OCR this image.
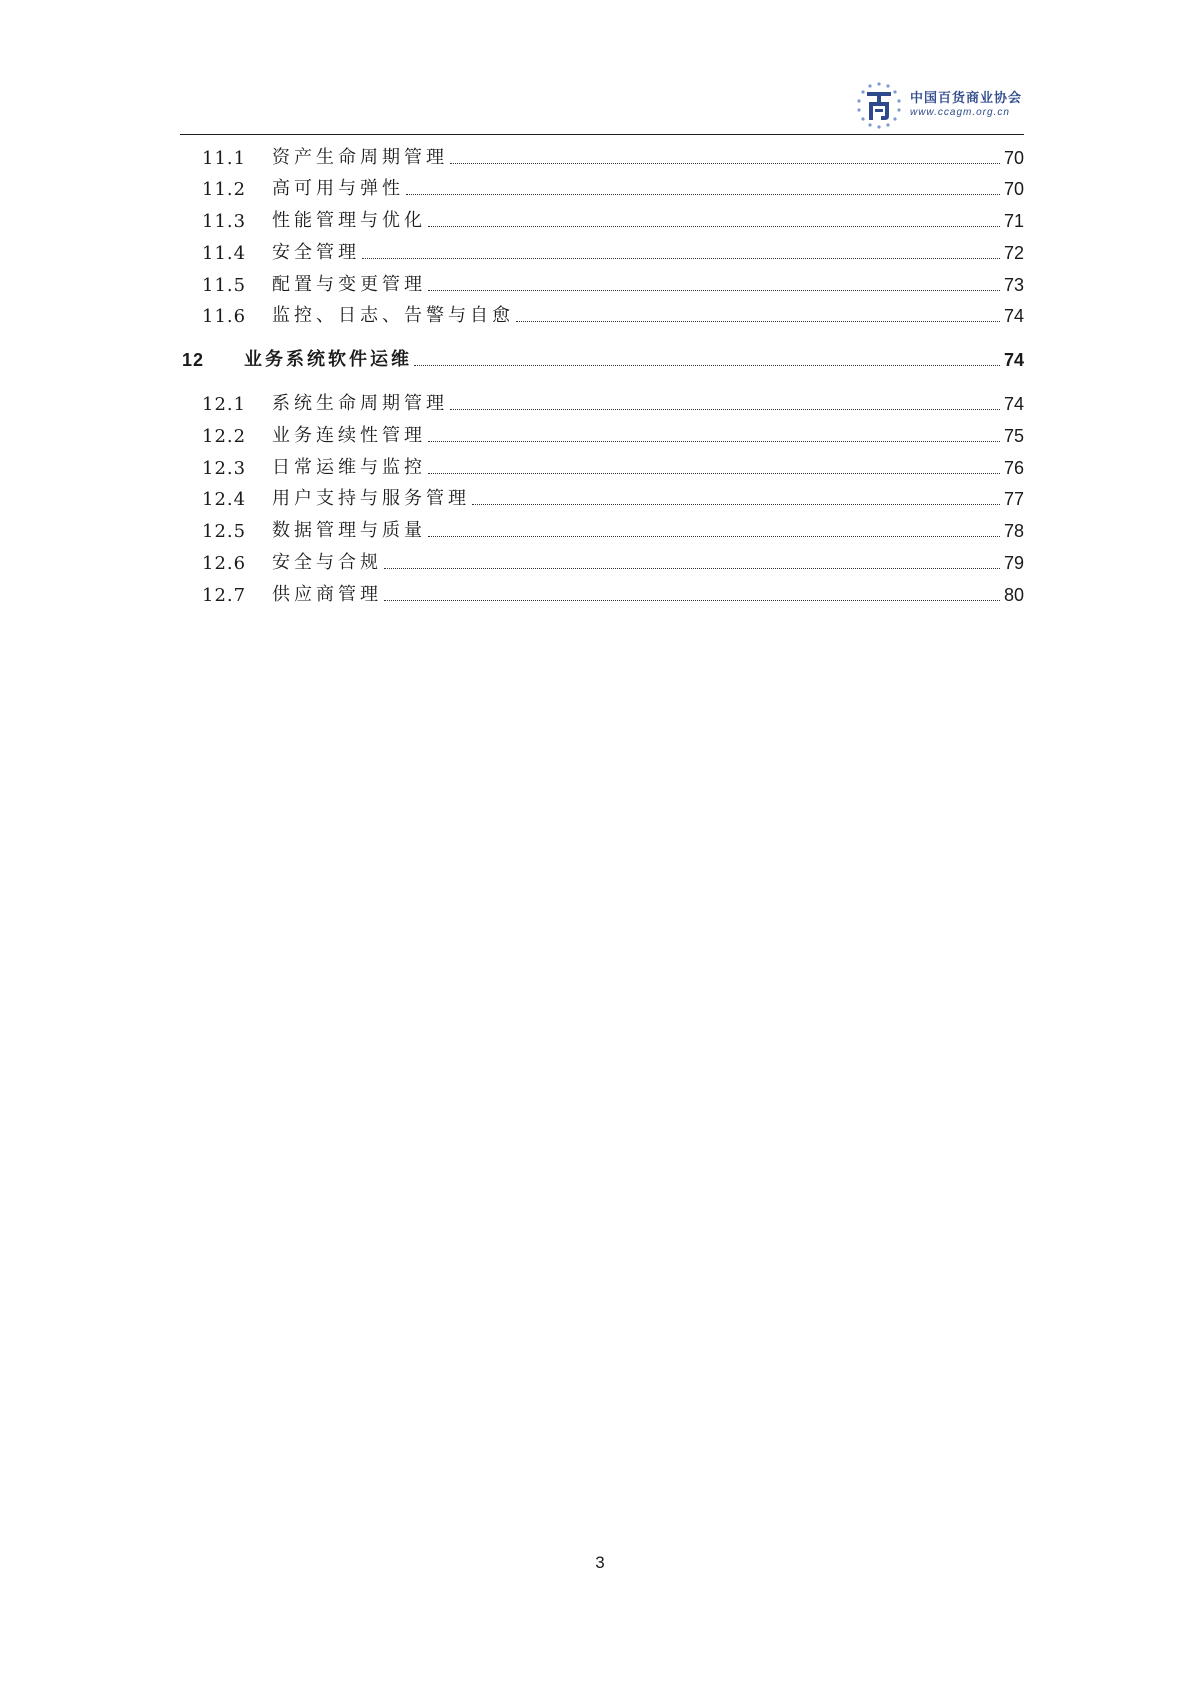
中国百货商业协会
www.ccagm.org.cn
11.1	资产生命周期管理	70
11.2	高可用与弹性	70
11.3	性能管理与优化	71
11.4	安全管理	72
11.5	配置与变更管理	73
11.6	监控、日志、告警与自愈	74
12	业务系统软件运维	74
12.1	系统生命周期管理	74
12.2	业务连续性管理	75
12.3	日常运维与监控	76
12.4	用户支持与服务管理	77
12.5	数据管理与质量	78
12.6	安全与合规	79
12.7	供应商管理	80
3
